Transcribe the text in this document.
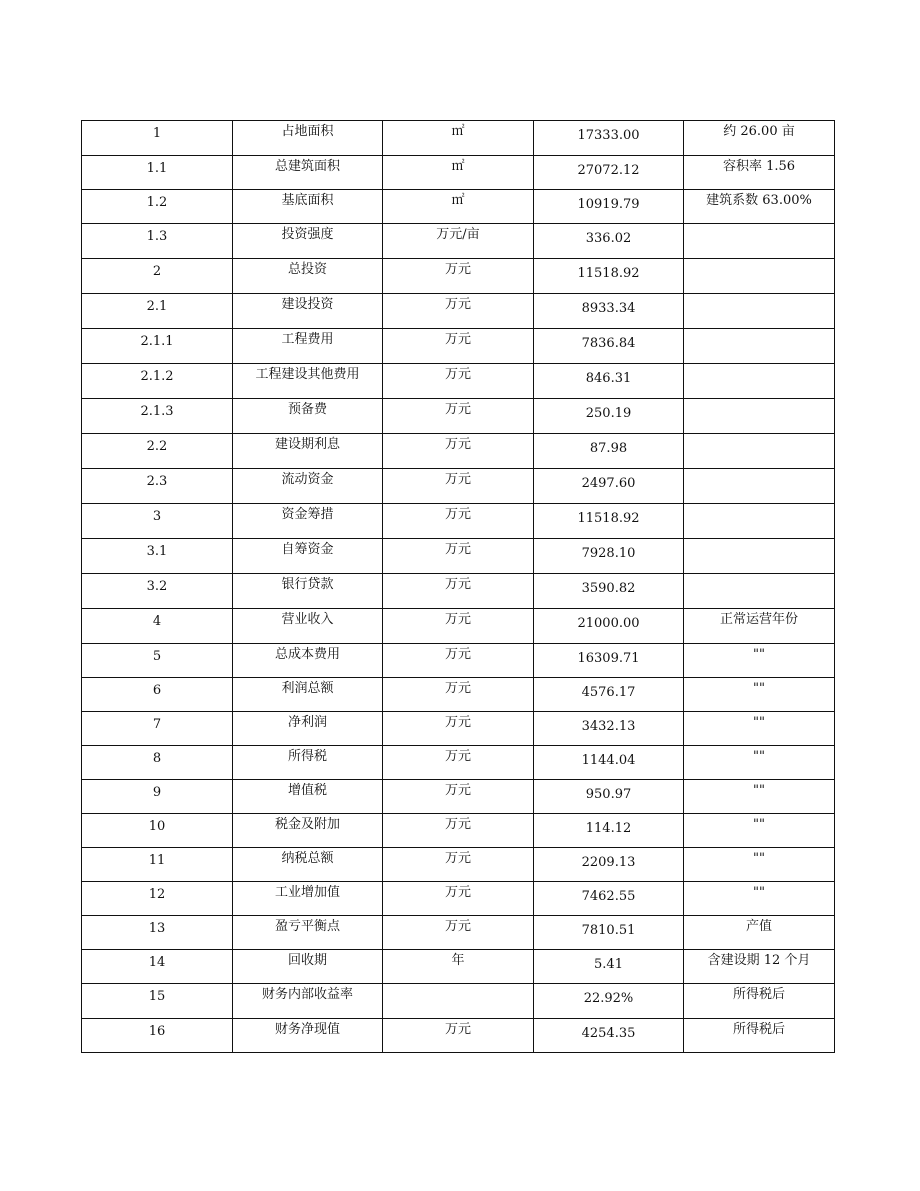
1	占地面积	㎡	17333.00	约 26.00 亩
1.1	总建筑面积	㎡	27072.12	容积率 1.56
1.2	基底面积	㎡	10919.79	建筑系数 63.00%
1.3	投资强度	万元/亩	336.02	
2	总投资	万元	11518.92	
2.1	建设投资	万元	8933.34	
2.1.1	工程费用	万元	7836.84	
2.1.2	工程建设其他费用	万元	846.31	
2.1.3	预备费	万元	250.19	
2.2	建设期利息	万元	87.98	
2.3	流动资金	万元	2497.60	
3	资金筹措	万元	11518.92	
3.1	自筹资金	万元	7928.10	
3.2	银行贷款	万元	3590.82	
4	营业收入	万元	21000.00	正常运营年份
5	总成本费用	万元	16309.71	""
6	利润总额	万元	4576.17	""
7	净利润	万元	3432.13	""
8	所得税	万元	1144.04	""
9	增值税	万元	950.97	""
10	税金及附加	万元	114.12	""
11	纳税总额	万元	2209.13	""
12	工业增加值	万元	7462.55	""
13	盈亏平衡点	万元	7810.51	产值
14	回收期	年	5.41	含建设期 12 个月
15	财务内部收益率		22.92%	所得税后
16	财务净现值	万元	4254.35	所得税后
